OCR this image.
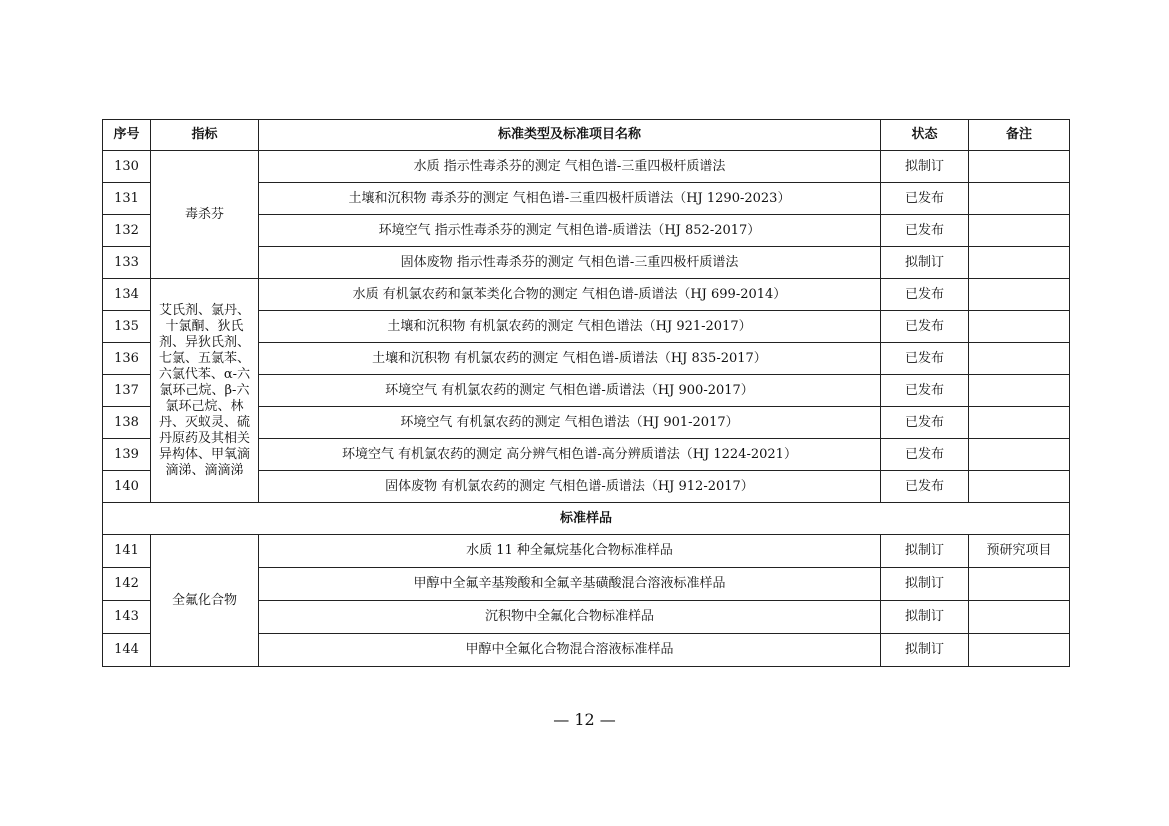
序号	指标	标准类型及标准项目名称	状态	备注
130	毒杀芬	水质 指示性毒杀芬的测定 气相色谱-三重四极杆质谱法	拟制订	
131		土壤和沉积物 毒杀芬的测定 气相色谱-三重四极杆质谱法（HJ 1290-2023）	已发布	
132		环境空气 指示性毒杀芬的测定 气相色谱-质谱法（HJ 852-2017）	已发布	
133		固体废物 指示性毒杀芬的测定 气相色谱-三重四极杆质谱法	拟制订	
134	艾氏剂、氯丹、十氯酮、狄氏剂、异狄氏剂、七氯、五氯苯、六氯代苯、α-六氯环己烷、β-六氯环己烷、林丹、灭蚁灵、硫丹原药及其相关异构体、甲氧滴滴涕、滴滴涕	水质 有机氯农药和氯苯类化合物的测定 气相色谱-质谱法（HJ 699-2014）	已发布	
135		土壤和沉积物 有机氯农药的测定 气相色谱法（HJ 921-2017）	已发布	
136		土壤和沉积物 有机氯农药的测定 气相色谱-质谱法（HJ 835-2017）	已发布	
137		环境空气 有机氯农药的测定 气相色谱-质谱法（HJ 900-2017）	已发布	
138		环境空气 有机氯农药的测定 气相色谱法（HJ 901-2017）	已发布	
139		环境空气 有机氯农药的测定 高分辨气相色谱-高分辨质谱法（HJ 1224-2021）	已发布	
140		固体废物 有机氯农药的测定 气相色谱-质谱法（HJ 912-2017）	已发布	
标准样品				
141	全氟化合物	水质 11 种全氟烷基化合物标准样品	拟制订	预研究项目
142		甲醇中全氟辛基羧酸和全氟辛基磺酸混合溶液标准样品	拟制订	
143		沉积物中全氟化合物标准样品	拟制订	
144		甲醇中全氟化合物混合溶液标准样品	拟制订	
— 12 —
